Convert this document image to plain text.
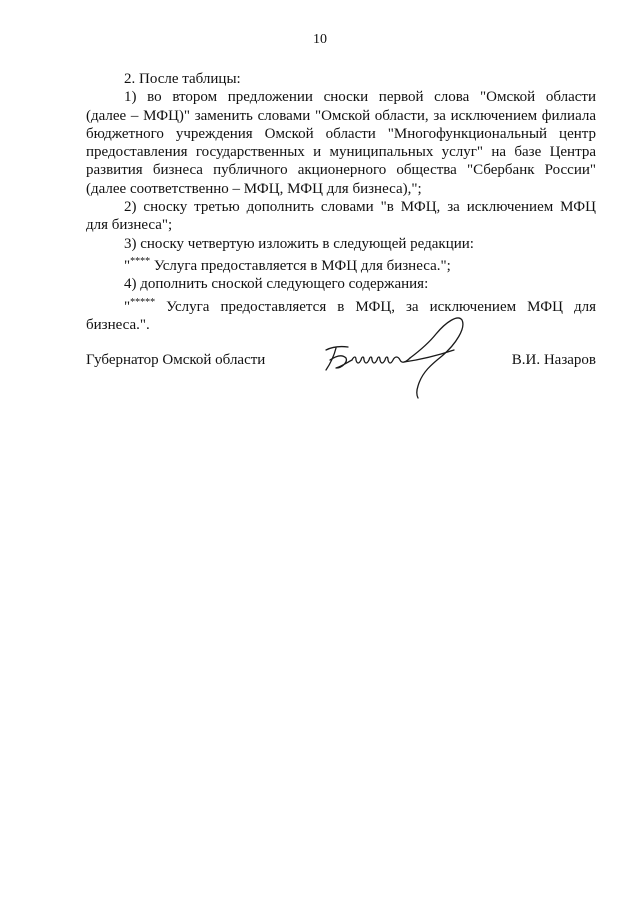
10

2. После таблицы:

1) во втором предложении сноски первой слова "Омской области
(далее – МФЦ)" заменить словами "Омской области, за исключением филиала
бюджетного учреждения Омской области "Многофункциональный центр
предоставления государственных и муниципальных услуг" на базе Центра
развития бизнеса публичного акционерного общества "Сбербанк России"
(далее соответственно – МФЦ, МФЦ для бизнеса),";
2) сноску третью дополнить словами "в МФЦ, за исключением МФЦ
для бизнеса";
3) сноску четвертую изложить в следующей редакции:
"**** Услуга предоставляется в МФЦ для бизнеса.";
4) дополнить сноской следующего содержания:
"***** Услуга предоставляется в МФЦ, за исключением МФЦ для
бизнеса.".
Губернатор Омской области	В.И. Назаров
